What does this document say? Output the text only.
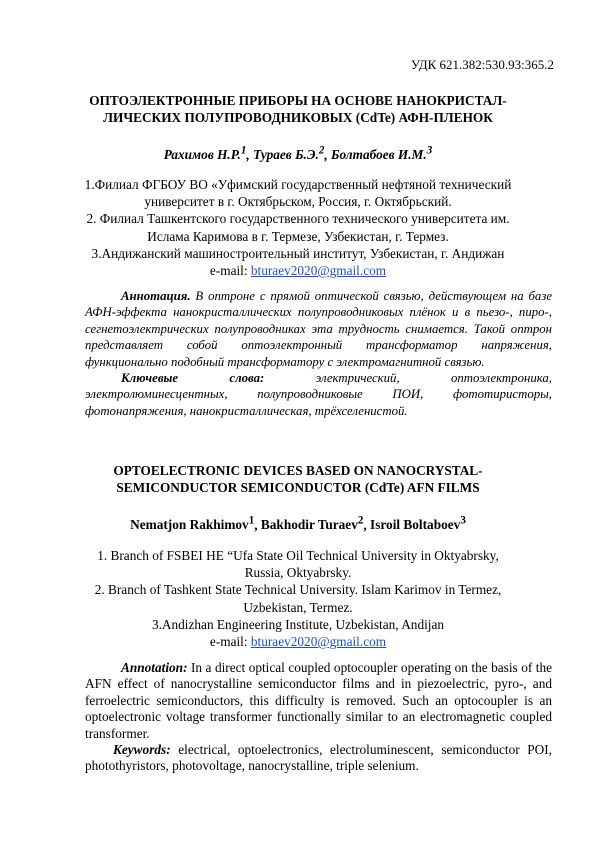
УДК 621.382:530.93:365.2
ОПТОЭЛЕКТРОННЫЕ ПРИБОРЫ НА ОСНОВЕ НАНОКРИСТАЛ-
ЛИЧЕСКИХ ПОЛУПРОВОДНИКОВЫХ (CdTe) АФН-ПЛЕНОК
Рахимов Н.Р.$^1$, Тураев Б.Э.$^2$, Болтабоев И.М.$^3$
1.Филиал ФГБОУ ВО «Уфимский государственный нефтяной технический
университет в г. Октябрьском, Россия, г. Октябрьский.
2. Филиал Ташкентского государственного технического университета им.
Ислама Каримова в г. Термезе, Узбекистан, г. Термез.
3.Андижанский машиностроительный институт, Узбекистан, г. Андижан
e-mail: bturaev2020@gmail.com
Аннотация. В оптроне с прямой оптической связью, действующем на базе АФН-эффекта нанокристаллических полупроводниковых плёнок и в пьезо-, пиро-, сегнетоэлектрических полупроводниках эта трудность снимается. Такой оптрон представляет собой оптоэлектронный трансформатор напряжения, функционально подобный трансформатору с электромагнитной связью.
Ключевые слова: электрический, оптоэлектроника, электролюминесцентных, полупроводниковые ПОИ, фототиристоры, фотонапряжения, нанокристаллическая, трёхселенистой.
OPTOELECTRONIC DEVICES BASED ON NANOCRYSTAL-
SEMICONDUCTOR SEMICONDUCTOR (CdTe) AFN FILMS
Nematjon Rakhimov$^1$, Bakhodir Turaev$^2$, Isroil Boltaboev$^3$
1. Branch of FSBEI HE “Ufa State Oil Technical University in Oktyabrsky,
Russia, Oktyabrsky.
2. Branch of Tashkent State Technical University. Islam Karimov in Termez,
Uzbekistan, Termez.
3.Andizhan Engineering Institute, Uzbekistan, Andijan
e-mail: bturaev2020@gmail.com
Annotation: In a direct optical coupled optocoupler operating on the basis of the AFN effect of nanocrystalline semiconductor films and in piezoelectric, pyro-, and ferroelectric semiconductors, this difficulty is removed. Such an optocoupler is an optoelectronic voltage transformer functionally similar to an electromagnetic coupled transformer.
Keywords: electrical, optoelectronics, electroluminescent, semiconductor POI, photothyristors, photovoltage, nanocrystalline, triple selenium.
